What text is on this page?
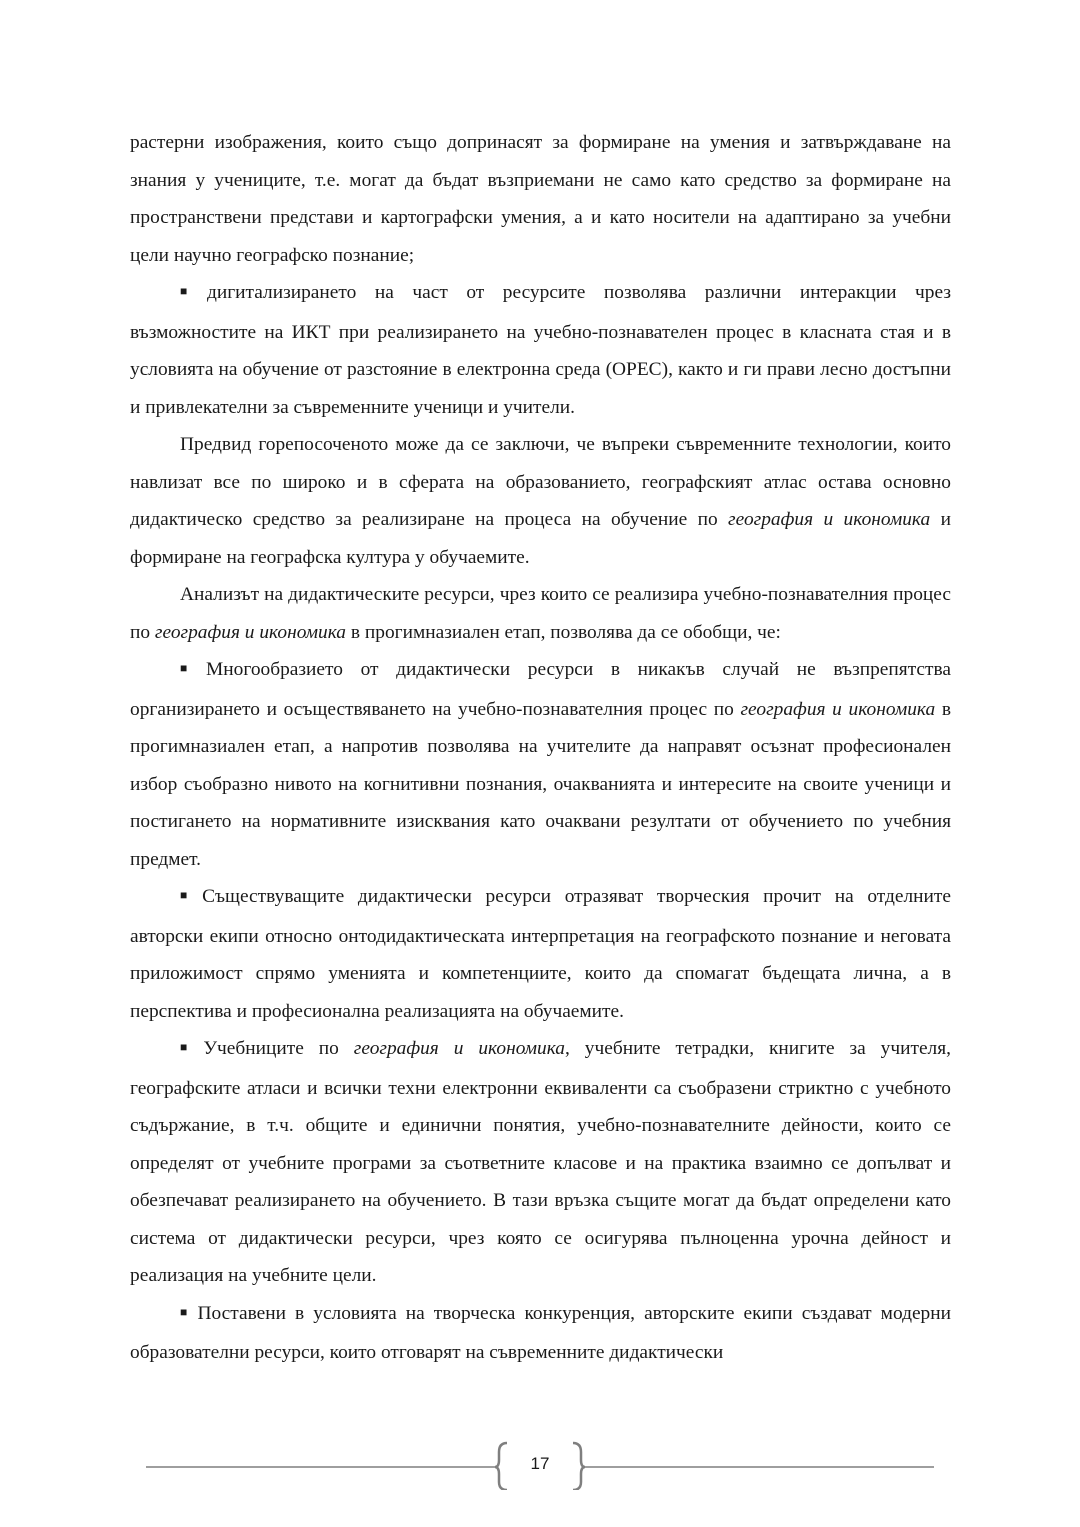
растерни изображения, които също допринасят за формиране на умения и затвърждаване на знания у учениците, т.е. могат да бъдат възприемани не само като средство за формиране на пространствени представи и картографски умения, а и като носители на адаптирано за учебни цели научно географско познание;

■ дигитализирането на част от ресурсите позволява различни интеракции чрез възможностите на ИКТ при реализирането на учебно-познавателен процес в класната стая и в условията на обучение от разстояние в електронна среда (ОРЕС), както и ги прави лесно достъпни и привлекателни за съвременните ученици и учители.

Предвид горепосоченото може да се заключи, че въпреки съвременните технологии, които навлизат все по широко и в сферата на образованието, географският атлас остава основно дидактическо средство за реализиране на процеса на обучение по география и икономика и формиране на географска култура у обучаемите.

Анализът на дидактическите ресурси, чрез които се реализира учебно-познавателния процес по география и икономика в прогимназиален етап, позволява да се обобщи, че:

■ Многообразието от дидактически ресурси в никакъв случай не възпрепятства организирането и осъществяването на учебно-познавателния процес по география и икономика в прогимназиален етап, а напротив позволява на учителите да направят осъзнат професионален избор съобразно нивото на когнитивни познания, очакванията и интересите на своите ученици и постигането на нормативните изисквания като очаквани резултати от обучението по учебния предмет.

■ Съществуващите дидактически ресурси отразяват творческия прочит на отделните авторски екипи относно онтодидактическата интерпретация на географското познание и неговата приложимост спрямо уменията и компетенциите, които да спомагат бъдещата лична, а в перспектива и професионална реализацията на обучаемите.

■ Учебниците по география и икономика, учебните тетрадки, книгите за учителя, географските атласи и всички техни електронни еквиваленти са съобразени стриктно с учебното съдържание, в т.ч. общите и единични понятия, учебно-познавателните дейности, които се определят от учебните програми за съответните класове и на практика взаимно се допълват и обезпечават реализирането на обучението. В тази връзка същите могат да бъдат определени като система от дидактически ресурси, чрез която се осигурява пълноценна урочна дейност и реализация на учебните цели.

■ Поставени в условията на творческа конкуренция, авторските екипи създават модерни образователни ресурси, които отговарят на съвременните дидактически

17
